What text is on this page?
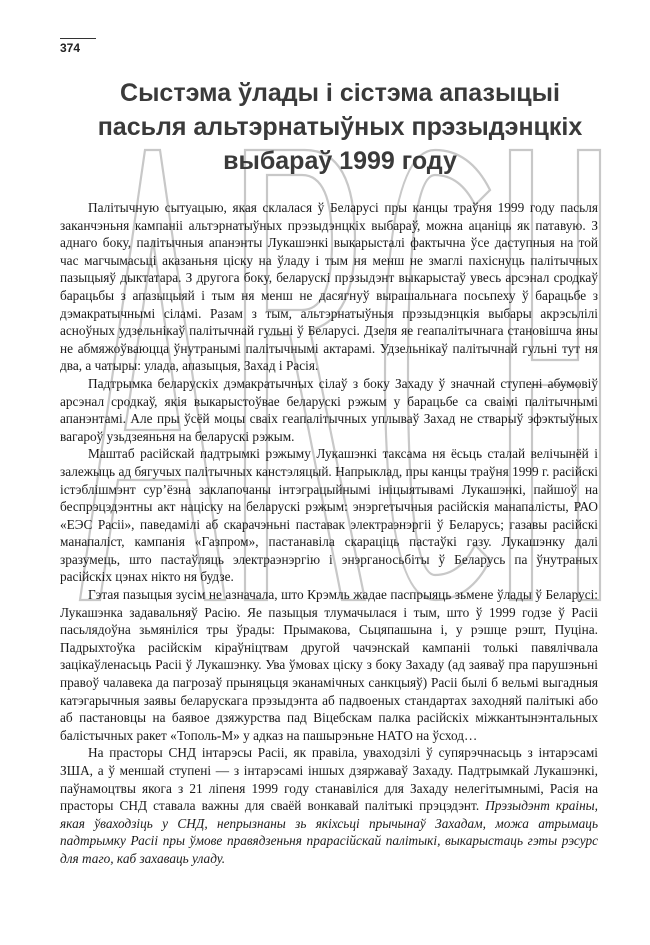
374
Сыстэма ўлады і сістэма апазыцыі
пасьля альтэрнатыўных прэзыдэнцкіх
выбараў 1999 году

Палітычную сытуацыю, якая склалася ў Беларусі пры канцы траўня 1999 году пасьля заканчэньня кампаніі альтэрнатыўных прэзыдэнцкіх выбараў, можна ацаніць як патавую. З аднаго боку, палітычныя апанэнты Лукашэнкі выкарысталі фактычна ўсе даступныя на той час магчымасьці аказаньня ціску на ўладу і тым ня менш не змаглі пахіснуць палітычных пазыцыяў дыктатара. З другога боку, беларускі прэзыдэнт выкарыстаў увесь арсэнал сродкаў барацьбы з апазыцыяй і тым ня менш не дасягнуў вырашальнага посьпеху ў барацьбе з дэмакратычнымі сіламі. Разам з тым, альтэрнатыўныя прэзыдэнцкія выбары акрэсьлілі асноўных удзельнікаў палітычнай гульні ў Беларусі. Дзеля яе геапалітычнага становішча яны не абмяжоўваюцца ўнутранымі палітычнымі актарамі. Удзельнікаў палітычнай гульні тут ня два, а чатыры: улада, апазыцыя, Захад і Расія.

Падтрымка беларускіх дэмакратычных сілаў з боку Захаду ў значнай ступені абумовіў арсэнал сродкаў, якія выкарыстоўвае беларускі рэжым у барацьбе са сваімі палітычнымі апанэнтамі. Але пры ўсёй моцы сваіх геапалітычных уплываў Захад не стварыў эфэктыўных вагароў узьдзеяньня на беларускі рэжым.

Маштаб расійскай падтрымкі рэжыму Лукашэнкі таксама ня ёсьць сталай велічынёй і залежыць ад бягучых палітычных канстэляцый. Напрыклад, пры канцы траўня 1999 г. расійскі істэблішмэнт сур’ёзна заклапочаны інтэграцыйнымі ініцыятывамі Лукашэнкі, пайшоў на беспрэцэдэнтны акт націску на беларускі рэжым: энэргетычныя расійскія манапалісты, РАО «ЕЭС Расіі», паведамілі аб скарачэньні паставак электраэнэргіі ў Беларусь; газавы расійскі манапаліст, кампанія «Газпром», пастанавіла скараціць пастаўкі газу. Лукашэнку далі зразумець, што пастаўляць электраэнэргію і энэрганосьбіты ў Беларусь па ўнутраных расійскіх цэнах нікто ня будзе.

Гэтая пазыцыя зусім не азначала, што Крэмль жадае паспрыяць зьмене ўлады ў Беларусі: Лукашэнка задавальняў Расію. Яе пазыцыя тлумачылася і тым, што ў 1999 годзе ў Расіі пасьлядоўна зьмяніліся тры ўрады: Прымакова, Сьцяпашына і, у рэшце рэшт, Пуціна. Падрыхтоўка расійскім кіраўніцтвам другой чачэнскай кампаніі толькі павялічвала зацікаўленасьць Расіі ў Лукашэнку. Ува ўмовах ціску з боку Захаду (ад заяваў пра парушэньні правоў чалавека да пагрозаў прыняцьця эканамічных санкцыяў) Расіі былі б вельмі выгадныя катэгарычныя заявы беларускага прэзыдэнта аб падвоеных стандартах заходняй палітыкі або аб пастановцы на баявое дзяжурства пад Віцебскам палка расійскіх міжкантынэнтальных балістычных ракет «Тополь-М» у адказ на пашырэньне НАТО на ўсход…

На прасторы СНД інтарэсы Расіі, як правіла, уваходзілі ў супярэчнасьць з інтарэсамі ЗША, а ў меншай ступені — з інтарэсамі іншых дзяржаваў Захаду. Падтрымкай Лукашэнкі, паўнамоцтвы якога з 21 ліпеня 1999 году станавіліся для Захаду нелегітымнымі, Расія на прасторы СНД ставала важны для сваёй вонкавай палітыкі прэцэдэнт. Прэзыдэнт краіны, якая ўваходзіць у СНД, непрызнаны зь якіхсьці прычынаў Захадам, можа атрымаць падтрымку Расіі пры ўмове правядзеньня прарасійскай палітыкі, выкарыстаць гэты рэсурс для таго, каб захаваць уладу.
